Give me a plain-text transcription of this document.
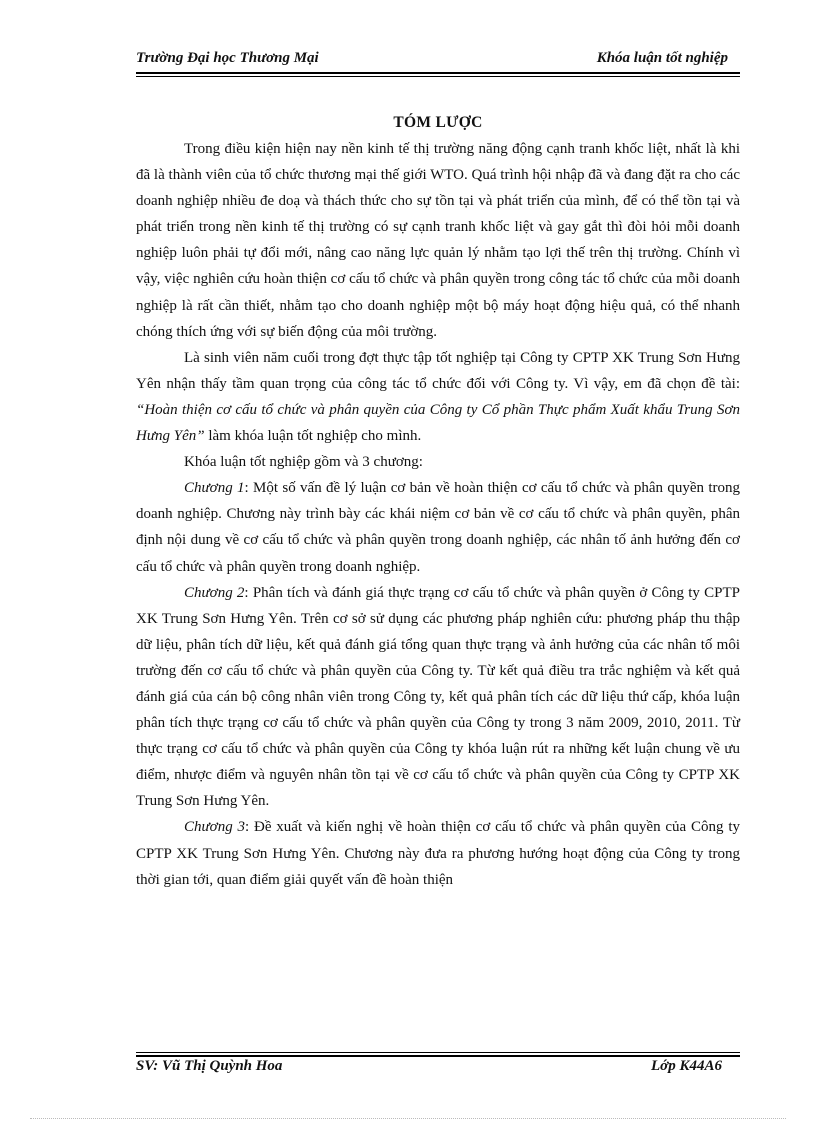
Trường Đại học Thương Mại	Khóa luận tốt nghiệp
TÓM LƯỢC

Trong điều kiện hiện nay nền kinh tế thị trường năng động cạnh tranh khốc liệt, nhất là khi đã là thành viên của tổ chức thương mại thế giới WTO. Quá trình hội nhập đã và đang đặt ra cho các doanh nghiệp nhiều đe doạ và thách thức cho sự tồn tại và phát triển của mình, để có thể tồn tại và phát triển trong nền kinh tế thị trường có sự cạnh tranh khốc liệt và gay gắt thì đòi hỏi mỗi doanh nghiệp luôn phải tự đổi mới, nâng cao năng lực quản lý nhằm tạo lợi thế trên thị trường. Chính vì vậy, việc nghiên cứu hoàn thiện cơ cấu tổ chức và phân quyền trong công tác tổ chức của mỗi doanh nghiệp là rất cần thiết, nhằm tạo cho doanh nghiệp một bộ máy hoạt động hiệu quả, có thể nhanh chóng thích ứng với sự biến động của môi trường.

Là sinh viên năm cuối trong đợt thực tập tốt nghiệp tại Công ty CPTP XK Trung Sơn Hưng Yên nhận thấy tầm quan trọng của công tác tổ chức đối với Công ty. Vì vậy, em đã chọn đề tài: “Hoàn thiện cơ cấu tổ chức và phân quyền của Công ty Cổ phần Thực phẩm Xuất khẩu Trung Sơn Hưng Yên” làm khóa luận tốt nghiệp cho mình.

Khóa luận tốt nghiệp gồm và 3 chương:

Chương 1: Một số vấn đề lý luận cơ bản về hoàn thiện cơ cấu tổ chức và phân quyền trong doanh nghiệp. Chương này trình bày các khái niệm cơ bản về cơ cấu tổ chức và phân quyền, phân định nội dung về cơ cấu tổ chức và phân quyền trong doanh nghiệp, các nhân tố ảnh hưởng đến cơ cấu tổ chức và phân quyền trong doanh nghiệp.

Chương 2: Phân tích và đánh giá thực trạng cơ cấu tổ chức và phân quyền ở Công ty CPTP XK Trung Sơn Hưng Yên. Trên cơ sở sử dụng các phương pháp nghiên cứu: phương pháp thu thập dữ liệu, phân tích dữ liệu, kết quả đánh giá tổng quan thực trạng và ảnh hưởng của các nhân tố môi trường đến cơ cấu tổ chức và phân quyền của Công ty. Từ kết quả điều tra trắc nghiệm và kết quả đánh giá của cán bộ công nhân viên trong Công ty, kết quả phân tích các dữ liệu thứ cấp, khóa luận phân tích thực trạng cơ cấu tổ chức và phân quyền của Công ty trong 3 năm 2009, 2010, 2011. Từ thực trạng cơ cấu tổ chức và phân quyền của Công ty khóa luận rút ra những kết luận chung về ưu điểm, nhược điểm và nguyên nhân tồn tại về cơ cấu tổ chức và phân quyền của Công ty CPTP XK Trung Sơn Hưng Yên.

Chương 3: Đề xuất và kiến nghị về hoàn thiện cơ cấu tổ chức và phân quyền của Công ty CPTP XK Trung Sơn Hưng Yên. Chương này đưa ra phương hướng hoạt động của Công ty trong thời gian tới, quan điểm giải quyết vấn đề hoàn thiện

SV: Vũ Thị Quỳnh Hoa	Lớp K44A6
